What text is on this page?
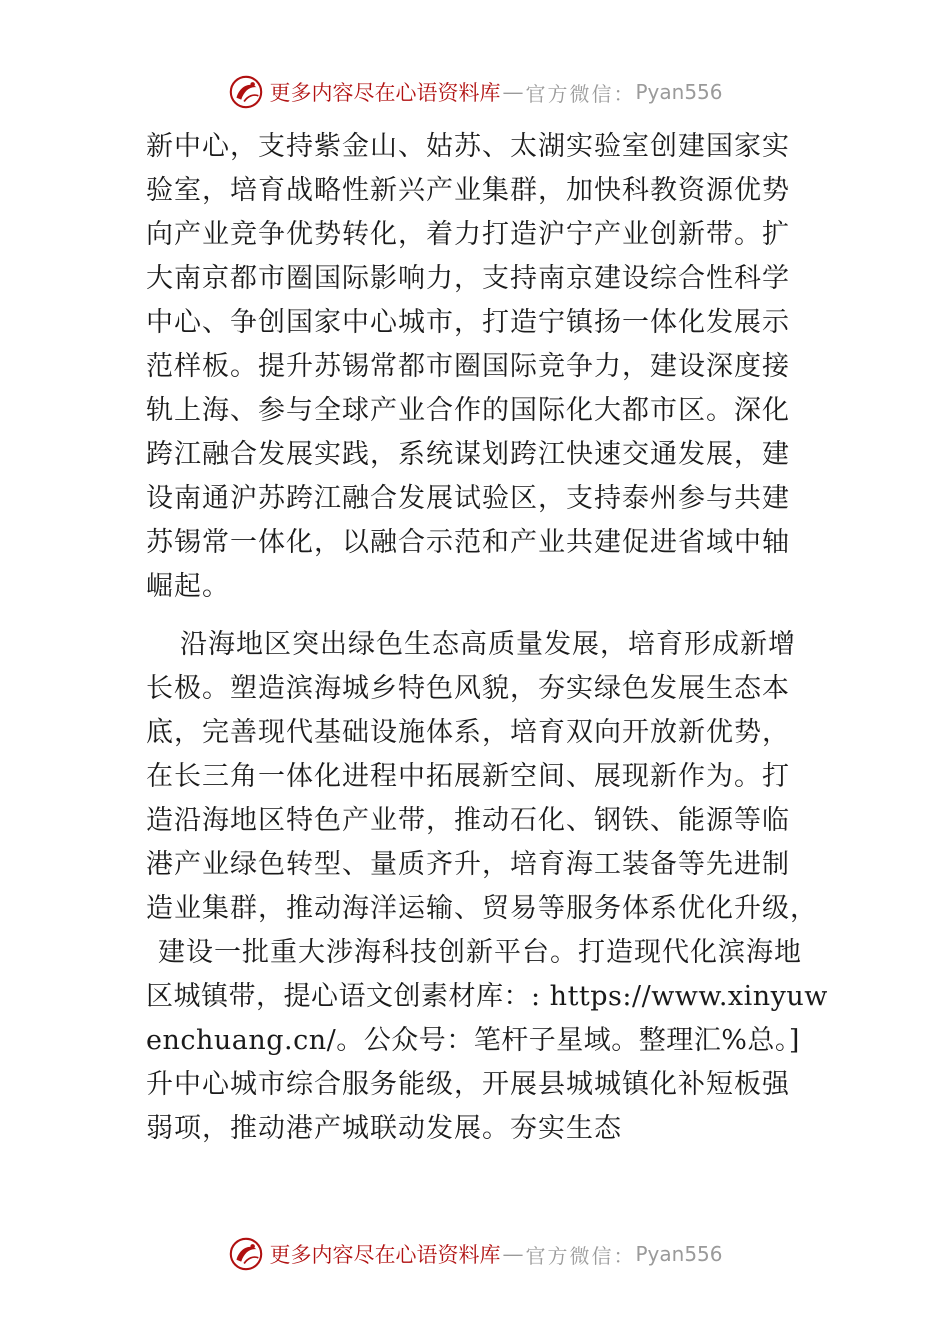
更多内容尽在心语资料库 — 官方微信： Pyan556
新中心，支持紫金山、姑苏、太湖实验室创建国家实
验室，培育战略性新兴产业集群，加快科教资源优势
向产业竞争优势转化，着力打造沪宁产业创新带。扩
大南京都市圈国际影响力，支持南京建设综合性科学
中心、争创国家中心城市，打造宁镇扬一体化发展示
范样板。提升苏锡常都市圈国际竞争力，建设深度接
轨上海、参与全球产业合作的国际化大都市区。深化
跨江融合发展实践，系统谋划跨江快速交通发展，建
设南通沪苏跨江融合发展试验区，支持泰州参与共建
苏锡常一体化，以融合示范和产业共建促进省域中轴
崛起。
沿海地区突出绿色生态高质量发展，培育形成新增
长极。塑造滨海城乡特色风貌，夯实绿色发展生态本
底，完善现代基础设施体系，培育双向开放新优势，
在长三角一体化进程中拓展新空间、展现新作为。打
造沿海地区特色产业带，推动石化、钢铁、能源等临
港产业绿色转型、量质齐升，培育海工装备等先进制
造业集群，推动海洋运输、贸易等服务体系优化升级，
建设一批重大涉海科技创新平台。打造现代化滨海地
区城镇带，提心语文创素材库：: https://www.xinyuw
enchuang.cn/。公众号：笔杆子星域。整理汇%总。]
升中心城市综合服务能级，开展县城城镇化补短板强
弱项，推动港产城联动发展。夯实生态
更多内容尽在心语资料库 — 官方微信： Pyan556
